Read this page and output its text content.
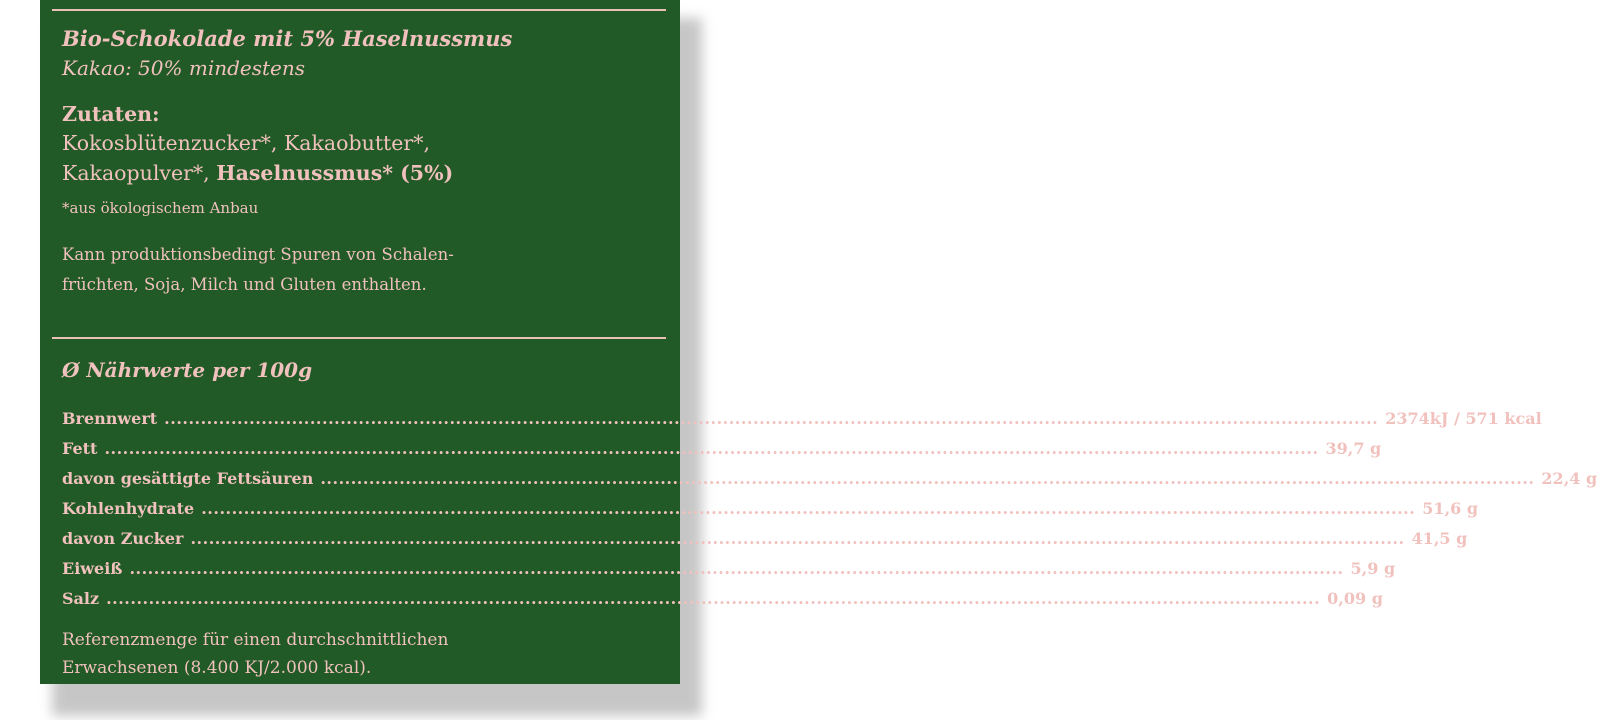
Bio-Schokolade mit 5% Haselnussmus
Kakao: 50% mindestens
Zutaten:
Kokosblütenzucker*, Kakaobutter*,
Kakaopulver*, Haselnussmus* (5%)
*aus ökologischem Anbau
Kann produktionsbedingt Spuren von Schalen-
früchten, Soja, Milch und Gluten enthalten.
Ø Nährwerte per 100g
Brennwert ........................................................................................................................................................................................................ 2374kJ / 571 kcal
Fett ........................................................................................................................................................................................................ 39,7 g
davon gesättigte Fettsäuren ........................................................................................................................................................................................................ 22,4 g
Kohlenhydrate ........................................................................................................................................................................................................ 51,6 g
davon Zucker ........................................................................................................................................................................................................ 41,5 g
Eiweiß ........................................................................................................................................................................................................ 5,9 g
Salz ........................................................................................................................................................................................................ 0,09 g
Referenzmenge für einen durchschnittlichen
Erwachsenen (8.400 KJ/2.000 kcal).
